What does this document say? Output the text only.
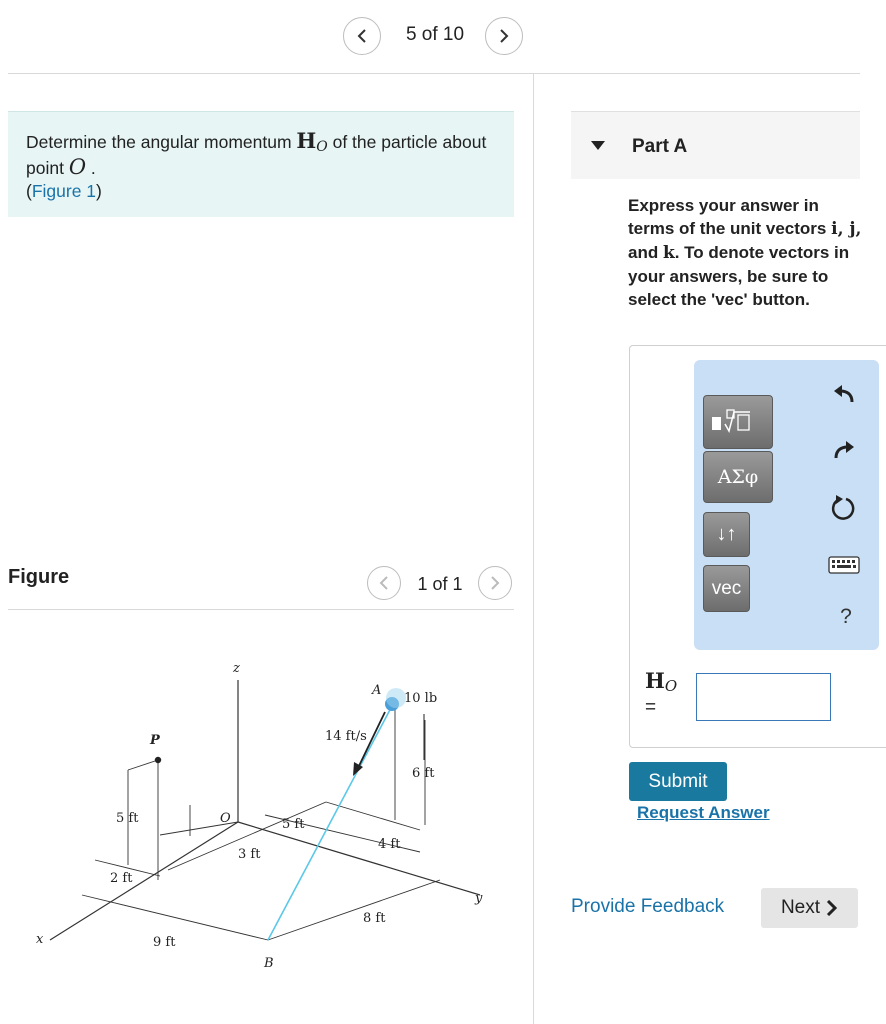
5 of 10
Determine the angular momentum HO of the particle about point O .
(Figure 1)
Figure	1 of 1
z
x
y
P
O
A
B
10 lb
14 ft/s
6 ft
5 ft	5 ft
3 ft
4 ft
2 ft
8 ft
9 ft
Part A
Express your answer in terms of the unit vectors i, j, and k. To denote vectors in your answers, be sure to select the 'vec' button.
ΑΣφ
↓↑
vec
?
HO
=
Submit
Request Answer
Provide Feedback	Next
